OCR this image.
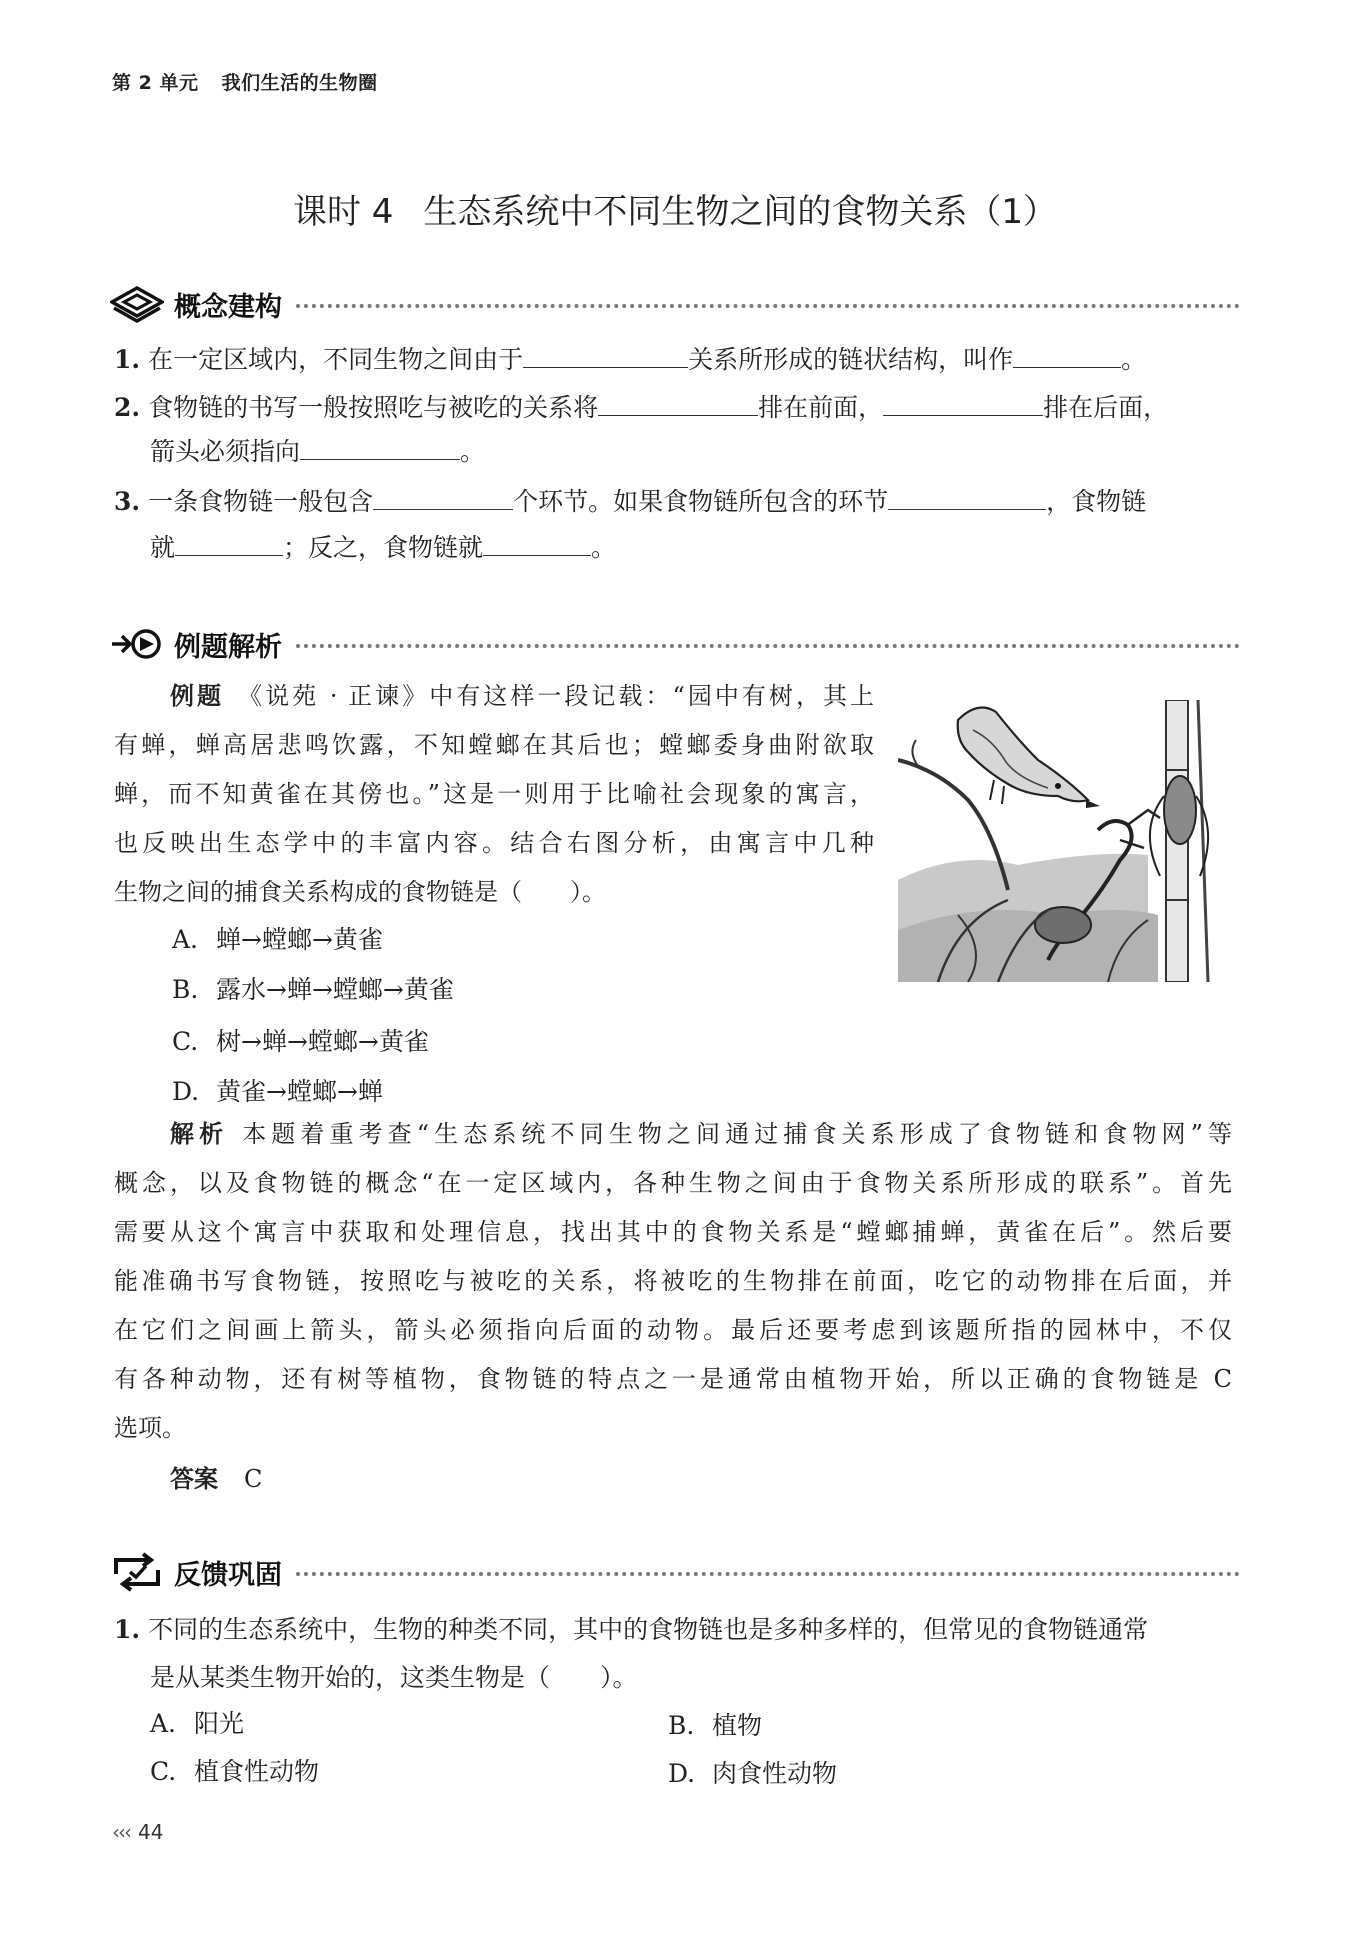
第 2 单元 我们生活的生物圈
课时 4 生态系统中不同生物之间的食物关系（1）
概念建构
1. 在一定区域内，不同生物之间由于	关系所形成的链状结构，叫作	。
2. 食物链的书写一般按照吃与被吃的关系将	排在前面，	排在后面，
箭头必须指向	。
3. 一条食物链一般包含	个环节。如果食物链所包含的环节	，食物链
就	；反之，食物链就	。
例题解析
例题 《说苑 · 正谏》中有这样一段记载：“园中有树，其上
有蝉，蝉高居悲鸣饮露，不知螳螂在其后也；螳螂委身曲附欲取
蝉，而不知黄雀在其傍也。”这是一则用于比喻社会现象的寓言，
也反映出生态学中的丰富内容。结合右图分析，由寓言中几种
生物之间的捕食关系构成的食物链是（　　）。
A. 蝉→螳螂→黄雀
B. 露水→蝉→螳螂→黄雀
C. 树→蝉→螳螂→黄雀
D. 黄雀→螳螂→蝉
解析 本题着重考查“生态系统不同生物之间通过捕食关系形成了食物链和食物网”等
概念，以及食物链的概念“在一定区域内，各种生物之间由于食物关系所形成的联系”。首先
需要从这个寓言中获取和处理信息，找出其中的食物关系是“螳螂捕蝉，黄雀在后”。然后要
能准确书写食物链，按照吃与被吃的关系，将被吃的生物排在前面，吃它的动物排在后面，并
在它们之间画上箭头，箭头必须指向后面的动物。最后还要考虑到该题所指的园林中，不仅
有各种动物，还有树等植物，食物链的特点之一是通常由植物开始，所以正确的食物链是 C
选项。
答案 C
反馈巩固
1. 不同的生态系统中，生物的种类不同，其中的食物链也是多种多样的，但常见的食物链通常
是从某类生物开始的，这类生物是（　　）。
A. 阳光	B. 植物
C. 植食性动物	D. 肉食性动物
‹‹‹ 44
